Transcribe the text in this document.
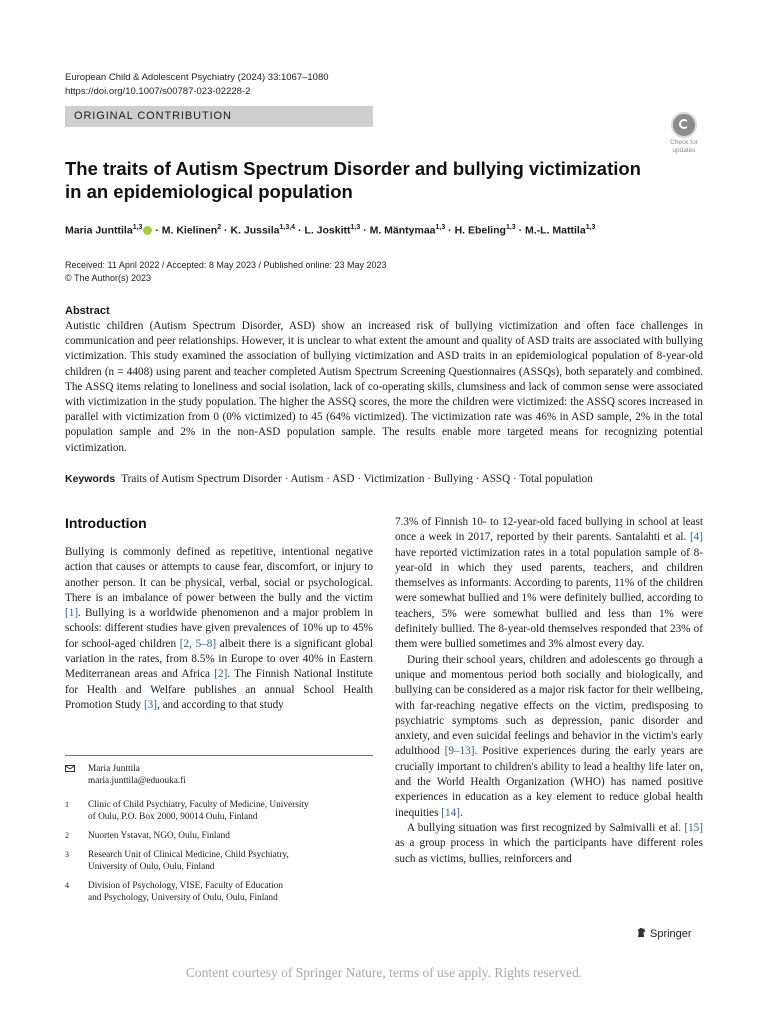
European Child & Adolescent Psychiatry (2024) 33:1067–1080
https://doi.org/10.1007/s00787-023-02228-2
ORIGINAL CONTRIBUTION
Check for
updates
The traits of Autism Spectrum Disorder and bullying victimization
in an epidemiological population
Maria Junttila$^{1,3}$ · M. Kielinen$^2$ · K. Jussila$^{1,3,4}$ · L. Joskitt$^{1,3}$ · M. Mäntymaa$^{1,3}$ · H. Ebeling$^{1,3}$ · M.-L. Mattila$^{1,3}$
Received: 11 April 2022 / Accepted: 8 May 2023 / Published online: 23 May 2023
© The Author(s) 2023
Abstract
Autistic children (Autism Spectrum Disorder, ASD) show an increased risk of bullying victimization and often face challenges in communication and peer relationships. However, it is unclear to what extent the amount and quality of ASD traits are associated with bullying victimization. This study examined the association of bullying victimization and ASD traits in an epidemiological population of 8-year-old children (n = 4408) using parent and teacher completed Autism Spectrum Screening Questionnaires (ASSQs), both separately and combined. The ASSQ items relating to loneliness and social isolation, lack of co-operating skills, clumsiness and lack of common sense were associated with victimization in the study population. The higher the ASSQ scores, the more the children were victimized: the ASSQ scores increased in parallel with victimization from 0 (0% victimized) to 45 (64% victimized). The victimization rate was 46% in ASD sample, 2% in the total population sample and 2% in the non-ASD population sample. The results enable more targeted means for recognizing potential victimization.
Keywords Traits of Autism Spectrum Disorder · Autism · ASD · Victimization · Bullying · ASSQ · Total population
Introduction

Bullying is commonly defined as repetitive, intentional negative action that causes or attempts to cause fear, discomfort, or injury to another person. It can be physical, verbal, social or psychological. There is an imbalance of power between the bully and the victim [1]. Bullying is a worldwide phenomenon and a major problem in schools: different studies have given prevalences of 10% up to 45% for school-aged children [2, 5–8] albeit there is a significant global variation in the rates, from 8.5% in Europe to over 40% in Eastern Mediterranean areas and Africa [2]. The Finnish National Institute for Health and Welfare publishes an annual School Health Promotion Study [3], and according to that study

7.3% of Finnish 10- to 12-year-old faced bullying in school at least once a week in 2017, reported by their parents. Santalahti et al. [4] have reported victimization rates in a total population sample of 8-year-old in which they used parents, teachers, and children themselves as informants. According to parents, 11% of the children were somewhat bullied and 1% were definitely bullied, according to teachers, 5% were somewhat bullied and less than 1% were definitely bullied. The 8-year-old themselves responded that 23% of them were bullied sometimes and 3% almost every day.

During their school years, children and adolescents go through a unique and momentous period both socially and biologically, and bullying can be considered as a major risk factor for their wellbeing, with far-reaching negative effects on the victim, predisposing to psychiatric symptoms such as depression, panic disorder and anxiety, and even suicidal feelings and behavior in the victim's early adulthood [9–13]. Positive experiences during the early years are crucially important to children's ability to lead a healthy life later on, and the World Health Organization (WHO) has named positive experiences in education as a key element to reduce global health inequities [14].

A bullying situation was first recognized by Salmivalli et al. [15] as a group process in which the participants have different roles such as victims, bullies, reinforcers and

Maria Junttila
maria.junttila@eduouka.fi
1 Clinic of Child Psychiatry, Faculty of Medicine, University
of Oulu, P.O. Box 2000, 90014 Oulu, Finland
2 Nuorten Ystavat, NGO, Oulu, Finland
3 Research Unit of Clinical Medicine, Child Psychiatry,
University of Oulu, Oulu, Finland
4 Division of Psychology, VISE, Faculty of Education
and Psychology, University of Oulu, Oulu, Finland
Springer
Content courtesy of Springer Nature, terms of use apply. Rights reserved.
